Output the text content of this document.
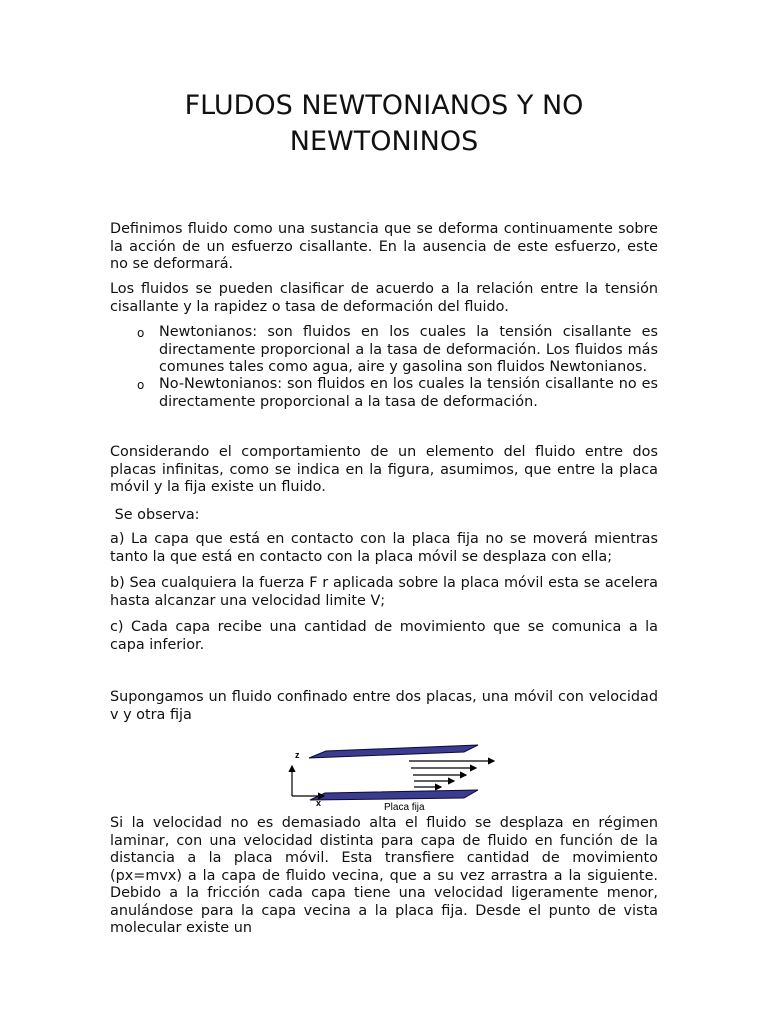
FLUDOS NEWTONIANOS Y NO NEWTONINOS

Definimos fluido como una sustancia que se deforma continuamente sobre la acción de un esfuerzo cisallante. En la ausencia de este esfuerzo, este no se deformará.

Los fluidos se pueden clasificar de acuerdo a la relación entre la tensión cisallante y la rapidez o tasa de deformación del fluido.

o Newtonianos: son fluidos en los cuales la tensión cisallante es directamente proporcional a la tasa de deformación. Los fluidos más comunes tales como agua, aire y gasolina son fluidos Newtonianos.
o No-Newtonianos: son fluidos en los cuales la tensión cisallante no es directamente proporcional a la tasa de deformación.

Considerando el comportamiento de un elemento del fluido entre dos placas infinitas, como se indica en la figura, asumimos, que entre la placa móvil y la fija existe un fluido.

Se observa:

a) La capa que está en contacto con la placa fija no se moverá mientras tanto la que está en contacto con la placa móvil se desplaza con ella;

b) Sea cualquiera la fuerza F r aplicada sobre la placa móvil esta se acelera hasta alcanzar una velocidad limite V;

c) Cada capa recibe una cantidad de movimiento que se comunica a la capa inferior.

Supongamos un fluido confinado entre dos placas, una móvil con velocidad v y otra fija

z
x	Placa fija

Si la velocidad no es demasiado alta el fluido se desplaza en régimen laminar, con una velocidad distinta para capa de fluido en función de la distancia a la placa móvil. Esta transfiere cantidad de movimiento (px=mvx) a la capa de fluido vecina, que a su vez arrastra a la siguiente. Debido a la fricción cada capa tiene una velocidad ligeramente menor, anulándose para la capa vecina a la placa fija. Desde el punto de vista molecular existe un
